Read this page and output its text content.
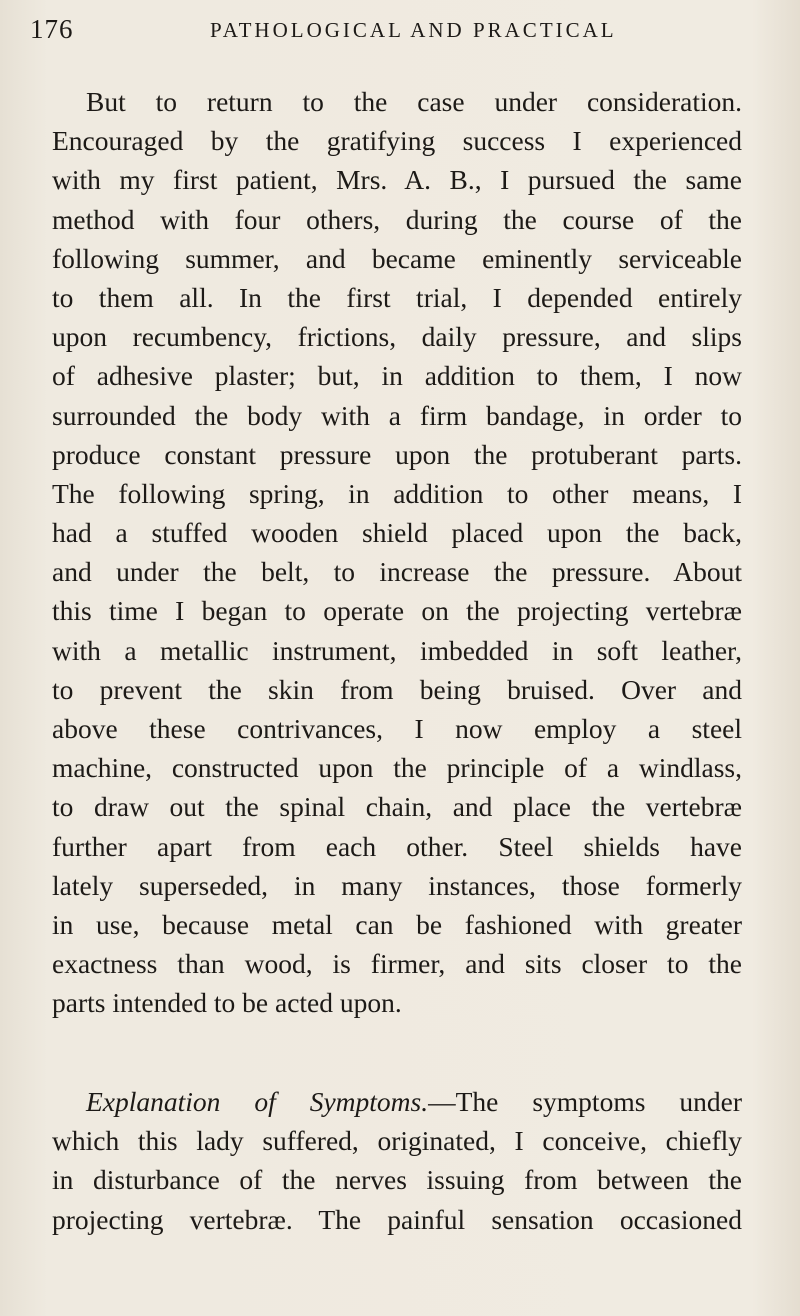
176	PATHOLOGICAL AND PRACTICAL
But to return to the case under consideration.
Encouraged by the gratifying success I experienced
with my first patient, Mrs. A. B., I pursued the same
method with four others, during the course of the
following summer, and became eminently serviceable
to them all. In the first trial, I depended entirely
upon recumbency, frictions, daily pressure, and slips
of adhesive plaster; but, in addition to them, I now
surrounded the body with a firm bandage, in order to
produce constant pressure upon the protuberant parts.
The following spring, in addition to other means, I
had a stuffed wooden shield placed upon the back,
and under the belt, to increase the pressure. About
this time I began to operate on the projecting vertebræ
with a metallic instrument, imbedded in soft leather,
to prevent the skin from being bruised. Over and
above these contrivances, I now employ a steel
machine, constructed upon the principle of a windlass,
to draw out the spinal chain, and place the vertebræ
further apart from each other. Steel shields have
lately superseded, in many instances, those formerly
in use, because metal can be fashioned with greater
exactness than wood, is firmer, and sits closer to the
parts intended to be acted upon.
Explanation of Symptoms.—The symptoms under
which this lady suffered, originated, I conceive, chiefly
in disturbance of the nerves issuing from between the
projecting vertebræ. The painful sensation occasioned
